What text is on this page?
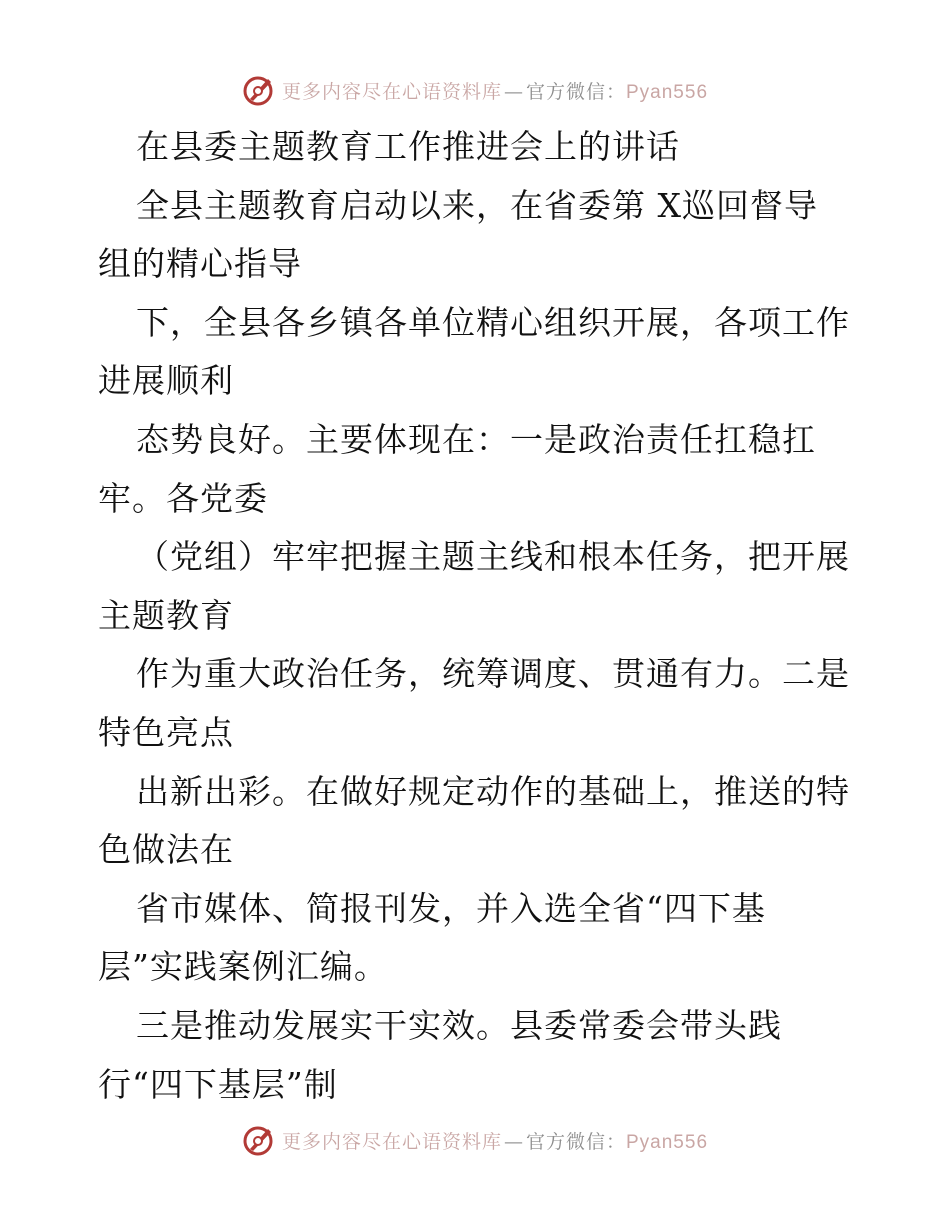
更多内容尽在心语资料库 — 官方微信：Pyan556
在县委主题教育工作推进会上的讲话
全县主题教育启动以来，在省委第 X巡回督导
组的精心指导
下，全县各乡镇各单位精心组织开展，各项工作
进展顺利
态势良好。主要体现在：一是政治责任扛稳扛
牢。各党委
（党组）牢牢把握主题主线和根本任务，把开展
主题教育
作为重大政治任务，统筹调度、贯通有力。二是
特色亮点
出新出彩。在做好规定动作的基础上，推送的特
色做法在
省市媒体、简报刊发，并入选全省“四下基
层”实践案例汇编。
三是推动发展实干实效。县委常委会带头践
行“四下基层”制
更多内容尽在心语资料库 — 官方微信：Pyan556
